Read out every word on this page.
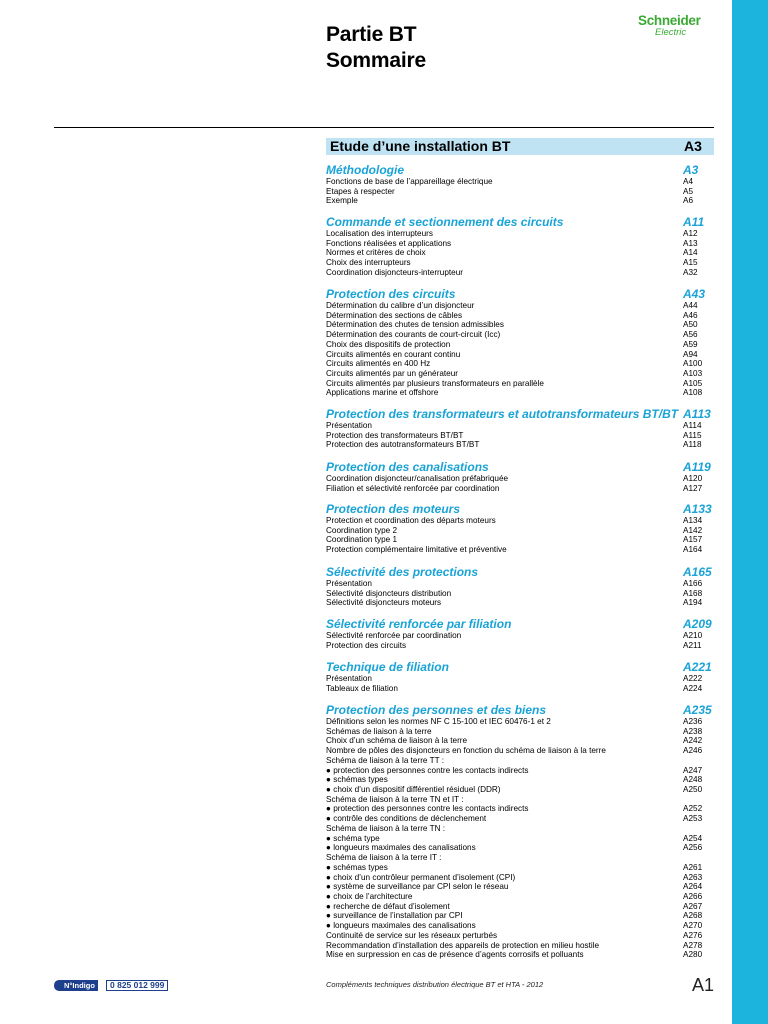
Partie BT
Sommaire
Schneider
Electric
Etude d’une installation BT	A3
Méthodologie	A3
Fonctions de base de l’appareillage électrique	A4
Etapes à respecter	A5
Exemple	A6
Commande et sectionnement des circuits	A11
Localisation des interrupteurs	A12
Fonctions réalisées et applications	A13
Normes et critères de choix	A14
Choix des interrupteurs	A15
Coordination disjoncteurs-interrupteur	A32
Protection des circuits	A43
Détermination du calibre d’un disjoncteur	A44
Détermination des sections de câbles	A46
Détermination des chutes de tension admissibles	A50
Détermination des courants de court-circuit (Icc)	A56
Choix des dispositifs de protection	A59
Circuits alimentés en courant continu	A94
Circuits alimentés en 400 Hz	A100
Circuits alimentés par un générateur	A103
Circuits alimentés par plusieurs transformateurs en parallèle	A105
Applications marine et offshore	A108
Protection des transformateurs et autotransformateurs BT/BT A113
Présentation	A114
Protection des transformateurs BT/BT	A115
Protection des autotransformateurs BT/BT	A118
Protection des canalisations	A119
Coordination disjoncteur/canalisation préfabriquée	A120
Filiation et sélectivité renforcée par coordination	A127
Protection des moteurs	A133
Protection et coordination des départs moteurs	A134
Coordination type 2	A142
Coordination type 1	A157
Protection complémentaire limitative et préventive	A164
Sélectivité des protections	A165
Présentation	A166
Sélectivité disjoncteurs distribution	A168
Sélectivité disjoncteurs moteurs	A194
Sélectivité renforcée par filiation	A209
Sélectivité renforcée par coordination	A210
Protection des circuits	A211
Technique de filiation	A221
Présentation	A222
Tableaux de filiation	A224
Protection des personnes et des biens	A235
Définitions selon les normes NF C 15-100 et IEC 60476-1 et 2	A236
Schémas de liaison à la terre	A238
Choix d’un schéma de liaison à la terre	A242
Nombre de pôles des disjoncteurs en fonction du schéma de liaison à la terre	A246
Schéma de liaison à la terre TT :
● protection des personnes contre les contacts indirects	A247
● schémas types	A248
● choix d’un dispositif différentiel résiduel (DDR)	A250
Schéma de liaison à la terre TN et IT :
● protection des personnes contre les contacts indirects	A252
● contrôle des conditions de déclenchement	A253
Schéma de liaison à la terre TN :
● schéma type	A254
● longueurs maximales des canalisations	A256
Schéma de liaison à la terre IT :
● schémas types	A261
● choix d’un contrôleur permanent d’isolement (CPI)	A263
● système de surveillance par CPI selon le réseau	A264
● choix de l’architecture	A266
● recherche de défaut d’isolement	A267
● surveillance de l’installation par CPI	A268
● longueurs maximales des canalisations	A270
Continuité de service sur les réseaux perturbés	A276
Recommandation d’installation des appareils de protection en milieu hostile	A278
Mise en surpression en cas de présence d’agents corrosifs et polluants	A280
N°Indigo	0 825 012 999	Compléments techniques distribution électrique BT et HTA - 2012	A1
